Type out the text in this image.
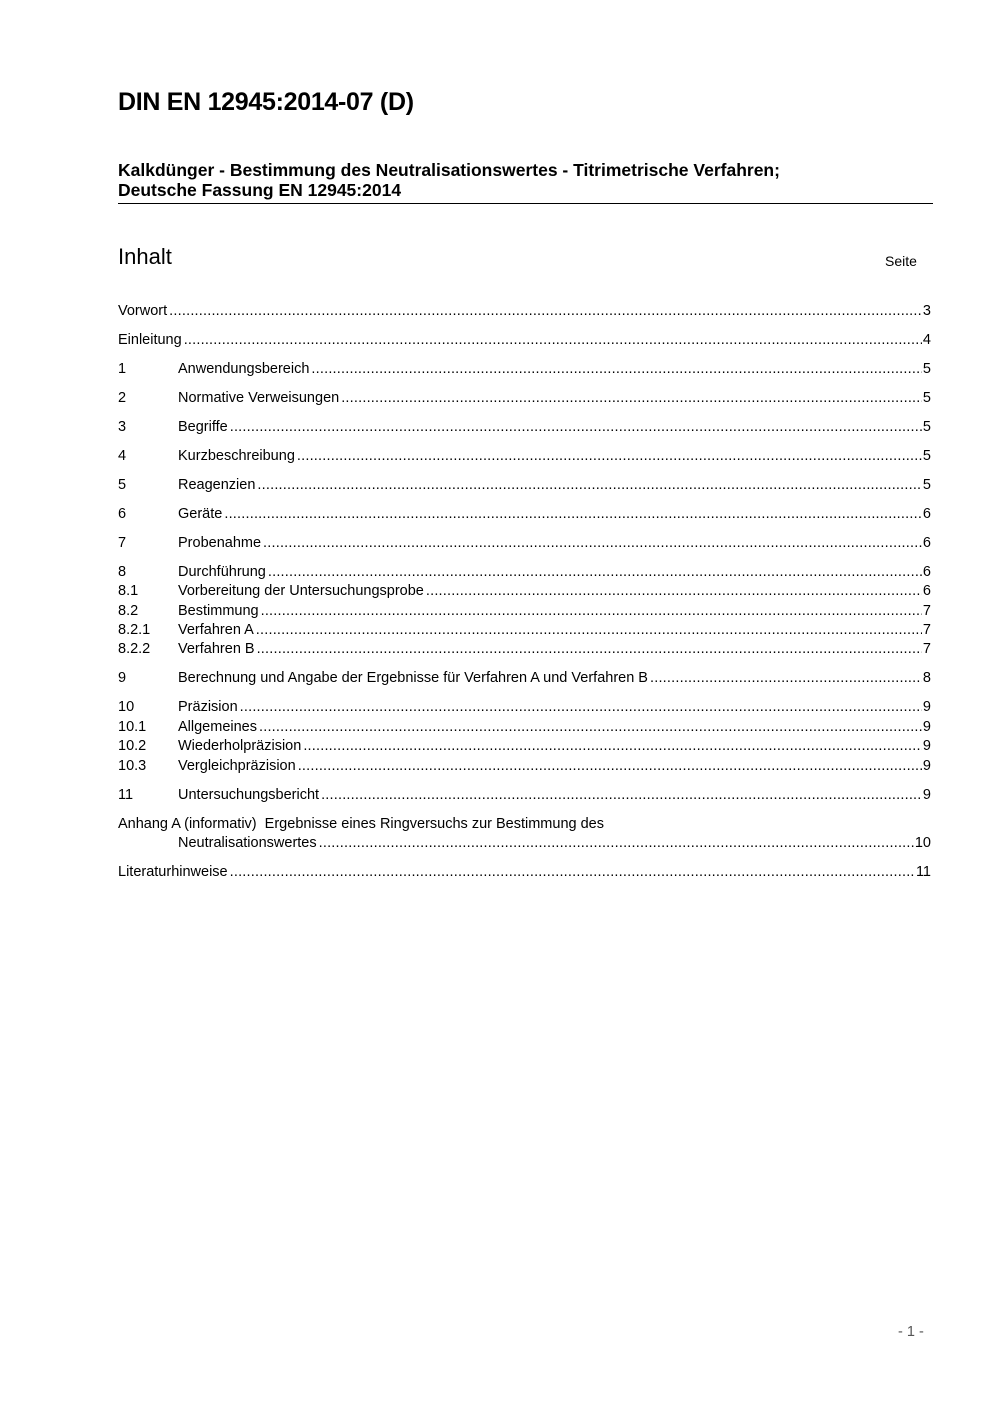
DIN EN 12945:2014-07 (D)
Kalkdünger - Bestimmung des Neutralisationswertes - Titrimetrische Verfahren;
Deutsche Fassung EN 12945:2014
Inhalt	Seite
Vorwort .....	3
Einleitung .....	4
1	Anwendungsbereich .....	5
2	Normative Verweisungen .....	5
3	Begriffe .....	5
4	Kurzbeschreibung .....	5
5	Reagenzien .....	5
6	Geräte .....	6
7	Probenahme .....	6
8	Durchführung .....	6
8.1	Vorbereitung der Untersuchungsprobe .....	6
8.2	Bestimmung .....	7
8.2.1	Verfahren A .....	7
8.2.2	Verfahren B .....	7
9	Berechnung und Angabe der Ergebnisse für Verfahren A und Verfahren B .....	8
10	Präzision .....	9
10.1	Allgemeines .....	9
10.2	Wiederholpräzision .....	9
10.3	Vergleichpräzision .....	9
11	Untersuchungsbericht .....	9
Anhang A (informativ)  Ergebnisse eines Ringversuchs zur Bestimmung des
Neutralisationswertes .....	10
Literaturhinweise .....	11
- 1 -
